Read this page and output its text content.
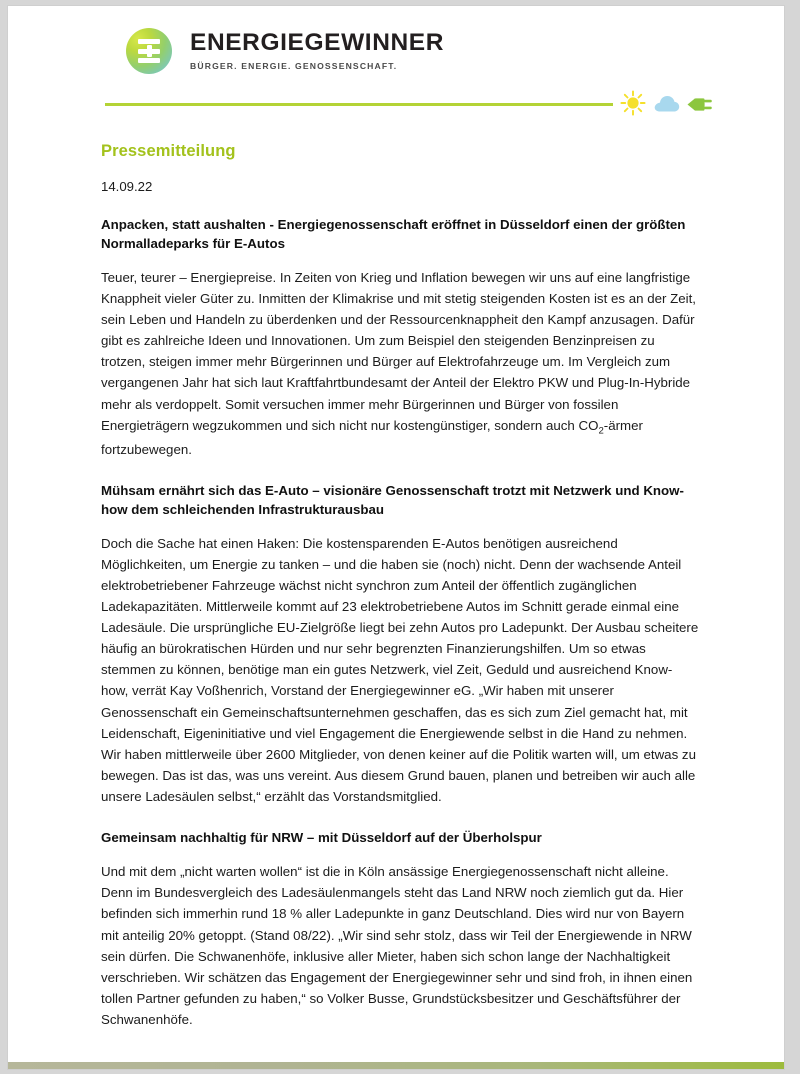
ENERGIEGEWINNER
BÜRGER. ENERGIE. GENOSSENSCHAFT.
Pressemitteilung
14.09.22
Anpacken, statt aushalten - Energiegenossenschaft eröffnet in Düsseldorf einen der größten Normalladeparks für E-Autos

Teuer, teurer – Energiepreise. In Zeiten von Krieg und Inflation bewegen wir uns auf eine langfristige Knappheit vieler Güter zu. Inmitten der Klimakrise und mit stetig steigenden Kosten ist es an der Zeit, sein Leben und Handeln zu überdenken und der Ressourcenknappheit den Kampf anzusagen. Dafür gibt es zahlreiche Ideen und Innovationen. Um zum Beispiel den steigenden Benzinpreisen zu trotzen, steigen immer mehr Bürgerinnen und Bürger auf Elektrofahrzeuge um. Im Vergleich zum vergangenen Jahr hat sich laut Kraftfahrtbundesamt der Anteil der Elektro PKW und Plug-In-Hybride mehr als verdoppelt. Somit versuchen immer mehr Bürgerinnen und Bürger von fossilen Energieträgern wegzukommen und sich nicht nur kostengünstiger, sondern auch $CO_2$-ärmer fortzubewegen.

Mühsam ernährt sich das E-Auto – visionäre Genossenschaft trotzt mit Netzwerk und Know-how dem schleichenden Infrastrukturausbau

Doch die Sache hat einen Haken: Die kostensparenden E-Autos benötigen ausreichend Möglichkeiten, um Energie zu tanken – und die haben sie (noch) nicht. Denn der wachsende Anteil elektrobetriebener Fahrzeuge wächst nicht synchron zum Anteil der öffentlich zugänglichen Ladekapazitäten. Mittlerweile kommt auf 23 elektrobetriebene Autos im Schnitt gerade einmal eine Ladesäule. Die ursprüngliche EU-Zielgröße liegt bei zehn Autos pro Ladepunkt. Der Ausbau scheitere häufig an bürokratischen Hürden und nur sehr begrenzten Finanzierungshilfen. Um so etwas stemmen zu können, benötige man ein gutes Netzwerk, viel Zeit, Geduld und ausreichend Know-how, verrät Kay Voßhenrich, Vorstand der Energiegewinner eG. „Wir haben mit unserer Genossenschaft ein Gemeinschaftsunternehmen geschaffen, das es sich zum Ziel gemacht hat, mit Leidenschaft, Eigeninitiative und viel Engagement die Energiewende selbst in die Hand zu nehmen. Wir haben mittlerweile über 2600 Mitglieder, von denen keiner auf die Politik warten will, um etwas zu bewegen. Das ist das, was uns vereint. Aus diesem Grund bauen, planen und betreiben wir auch alle unsere Ladesäulen selbst,“ erzählt das Vorstandsmitglied.

Gemeinsam nachhaltig für NRW – mit Düsseldorf auf der Überholspur

Und mit dem „nicht warten wollen“ ist die in Köln ansässige Energiegenossenschaft nicht alleine. Denn im Bundesvergleich des Ladesäulenmangels steht das Land NRW noch ziemlich gut da. Hier befinden sich immerhin rund 18 % aller Ladepunkte in ganz Deutschland. Dies wird nur von Bayern mit anteilig 20% getoppt. (Stand 08/22). „Wir sind sehr stolz, dass wir Teil der Energiewende in NRW sein dürfen. Die Schwanenhöfe, inklusive aller Mieter, haben sich schon lange der Nachhaltigkeit verschrieben. Wir schätzen das Engagement der Energiegewinner sehr und sind froh, in ihnen einen tollen Partner gefunden zu haben,“ so Volker Busse, Grundstücksbesitzer und Geschäftsführer der Schwanenhöfe.
